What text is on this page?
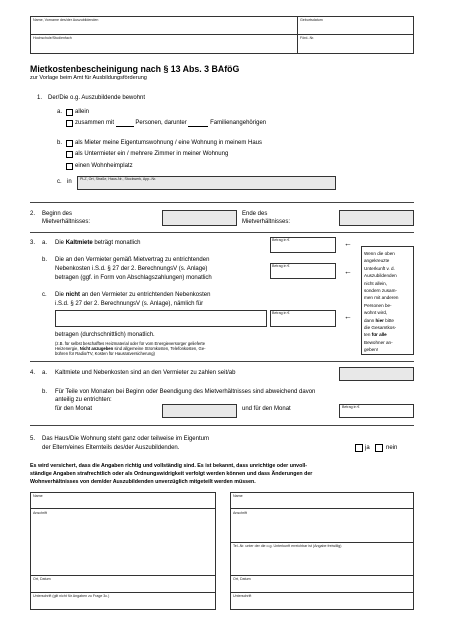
Name, Vorname des/der Auszubildenden	Geburtsdatum
Hochschule/Studienfach	Förd.-Nr.
Mietkostenbescheinigung nach § 13 Abs. 3 BAföG
zur Vorlage beim Amt für Ausbildungsförderung
1. Der/Die o.g. Auszubildende bewohnt
a. allein
zusammen mit	Personen, darunter	Familienangehörigen
b. als Mieter meine Eigentumswohnung / eine Wohnung in meinem Haus
als Untermieter ein / mehrere Zimmer in meiner Wohnung
einen Wohnheimplatz
c. in PLZ, Ort, Straße, Haus-Nr., Stockwerk, App.-Nr.
2. Beginn des
Mietverhältnisses:
Ende des
Mietverhältnisses:
3. a. Die Kaltmiete beträgt monatlich	Betrag in €	←
b. Die an den Vermieter gemäß Mietvertrag zu entrichtenden
Nebenkosten i.S.d. § 27 der 2. BerechnungsV (s. Anlage)
betragen (ggf. in Form von Abschlagszahlungen) monatlich
Betrag in €
←
c. Die nicht an den Vermieter zu entrichtenden Nebenkosten
i.S.d. § 27 der 2. BerechnungsV (s. Anlage), nämlich für
Betrag in €	←
betragen (durchschnittlich) monatlich.
(z.B. für selbst beschafftes Heizmaterial oder für vom Energieversorger gelieferte
Heizenergie, Nicht anzugeben sind allgemeine Stromkosten, Telefonkosten, Ge-
bühren für Radio/TV, Kosten für Hausratversicherung)
Wenn die oben
angekreuzte
Unterkunft v. d.
Auszubildenden
nicht allein,
sondern zusam-
men mit anderen
Personen be-
wohnt wird,
dann hier bitte
die Gesamtkos-
ten für alle
Bewohner an-
geben!
4. a. Kaltmiete und Nebenkosten sind an den Vermieter zu zahlen seit/ab
b. Für Teile von Monaten bei Beginn oder Beendigung des Mietverhältnisses sind abweichend davon
anteilig zu entrichten:
für den Monat	und für den Monat	Betrag in €
5. Das Haus/Die Wohnung steht ganz oder teilweise im Eigentum
der Eltern/eines Elternteils des/der Auszubildenden.	ja	nein
Es wird versichert, dass die Angaben richtig und vollständig sind. Es ist bekannt, dass unrichtige oder unvoll-
ständige Angaben strafrechtlich oder als Ordnungswidrigkeit verfolgt werden können und dass Änderungen der
Wohnverhältnisses von dem/der Auszubildenden unverzüglich mitgeteilt werden müssen.
Name
Anschrift
Ort, Datum
Unterschrift (gilt nicht für Angaben zu Frage 3c.)
Name
Anschrift
Tel.-Nr. unter der die o.g. Unterkunft erreichbar ist (Angabe freiwillig)
Ort, Datum
Unterschrift
